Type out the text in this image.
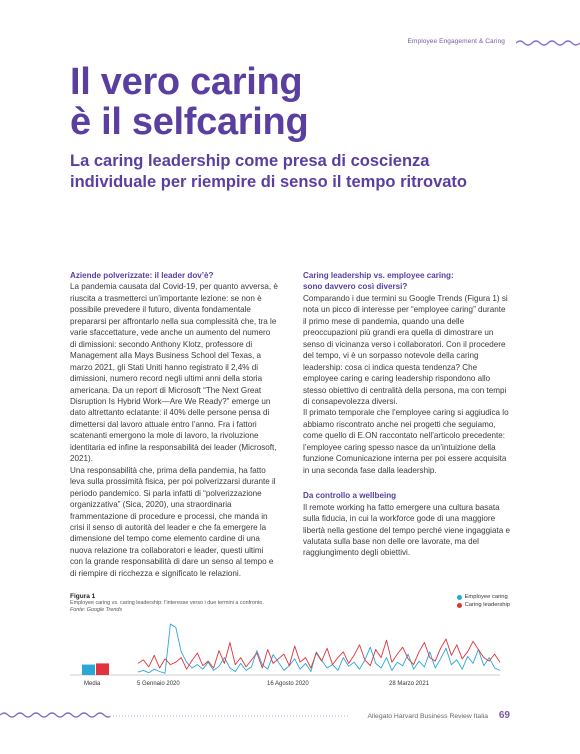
Employee Engagement & Caring
Il vero caring
è il selfcaring
La caring leadership come presa di coscienza individuale per riempire di senso il tempo ritrovato
Aziende polverizzate: il leader dov’è?

La pandemia causata dal Covid-19, per quanto avversa, è riuscita a trasmetterci un’importante lezione: se non è possibile prevedere il futuro, diventa fondamentale prepararsi per affrontarlo nella sua complessità che, tra le varie sfaccettature, vede anche un aumento del numero di dimissioni: secondo Anthony Klotz, professore di Management alla Mays Business School del Texas, a marzo 2021, gli Stati Uniti hanno registrato il 2,4% di dimissioni, numero record negli ultimi anni della storia americana. Da un report di Microsoft “The Next Great Disruption Is Hybrid Work—Are We Ready?” emerge un dato altrettanto eclatante: il 40% delle persone pensa di dimettersi dal lavoro attuale entro l’anno. Fra i fattori scatenanti emergono la mole di lavoro, la rivoluzione identitaria ed infine la responsabilità dei leader (Microsoft, 2021).

Una responsabilità che, prima della pandemia, ha fatto leva sulla prossimità fisica, per poi polverizzarsi durante il periodo pandemico. Si parla infatti di “polverizzazione organizzativa” (Sica, 2020), una straordinaria frammentazione di procedure e processi, che manda in crisi il senso di autorità del leader e che fa emergere la dimensione del tempo come elemento cardine di una nuova relazione tra collaboratori e leader, questi ultimi con la grande responsabilità di dare un senso al tempo e di riempire di ricchezza e significato le relazioni.

Caring leadership vs. employee caring:
sono davvero così diversi?

Comparando i due termini su Google Trends (Figura 1) si nota un picco di interesse per “employee caring” durante il primo mese di pandemia, quando una delle preoccupazioni più grandi era quella di dimostrare un senso di vicinanza verso i collaboratori. Con il procedere del tempo, vi è un sorpasso notevole della caring leadership: cosa ci indica questa tendenza? Che employee caring e caring leadership rispondono allo stesso obiettivo di centralità della persona, ma con tempi di consapevolezza diversi.

Il primato temporale che l’employee caring si aggiudica lo abbiamo riscontrato anche nei progetti che seguiamo, come quello di E.ON raccontato nell’articolo precedente: l’employee caring spesso nasce da un’intuizione della funzione Comunicazione interna per poi essere acquisita in una seconda fase dalla leadership.

Da controllo a wellbeing

Il remote working ha fatto emergere una cultura basata sulla fiducia, in cui la workforce gode di una maggiore libertà nella gestione del tempo perché viene ingaggiata e valutata sulla base non delle ore lavorate, ma del raggiungimento degli obiettivi.

Figura 1
Employee caring vs. caring leadership: l’interesse verso i due termini a confronto.
Fonte: Google Trends
Employee caring
Caring leadership
Media	5 Gennaio 2020	16 Agosto 2020	28 Marzo 2021
Allegato Harvard Business Review Italia 69
